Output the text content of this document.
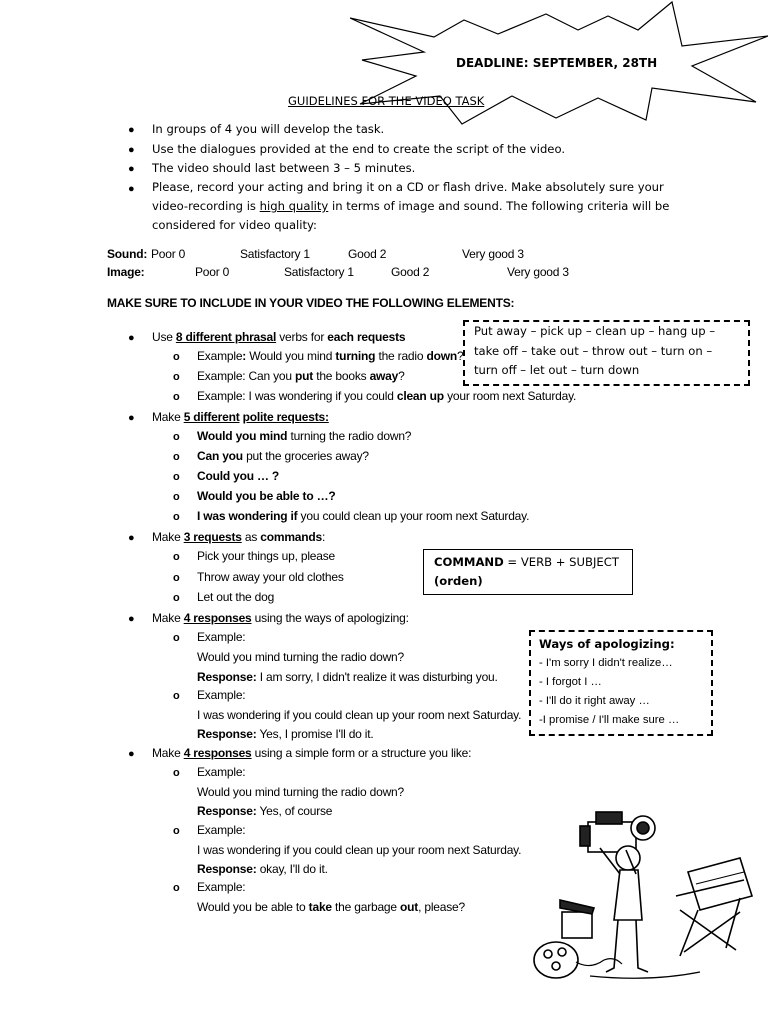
DEADLINE: SEPTEMBER, 28TH
GUIDELINES FOR THE VIDEO TASK
● In groups of 4 you will develop the task.
● Use the dialogues provided at the end to create the script of the video.
● The video should last between 3 – 5 minutes.
● Please, record your acting and bring it on a CD or flash drive. Make absolutely sure your
video-recording is high quality in terms of image and sound. The following criteria will be
considered for video quality:
Sound: Poor 0	Satisfactory 1	Good 2	Very good 3
Image:	Poor 0	Satisfactory 1	Good 2	Very good 3
MAKE SURE TO INCLUDE IN YOUR VIDEO THE FOLLOWING ELEMENTS:
● Use 8 different phrasal verbs for each requests
o Example: Would you mind turning the radio down?
o Example: Can you put the books away?
o Example: I was wondering if you could clean up your room next Saturday.
Put away – pick up – clean up – hang up –
take off – take out – throw out – turn on –
turn off – let out – turn down
● Make 5 different polite requests:
o Would you mind turning the radio down?
o Can you put the groceries away?
o Could you … ?
o Would you be able to …?
o I was wondering if you could clean up your room next Saturday.
● Make 3 requests as commands:
o Pick your things up, please
o Throw away your old clothes
o Let out the dog
COMMAND = VERB + SUBJECT
(orden)
● Make 4 responses using the ways of apologizing:
o Example:
Would you mind turning the radio down?
Response: I am sorry, I didn't realize it was disturbing you.
o Example:
I was wondering if you could clean up your room next Saturday.
Response: Yes, I promise I'll do it.
Ways of apologizing:
- I'm sorry I didn't realize…
- I forgot I …
- I'll do it right away …
-I promise / I'll make sure …
● Make 4 responses using a simple form or a structure you like:
o Example:
Would you mind turning the radio down?
Response: Yes, of course
o Example:
I was wondering if you could clean up your room next Saturday.
Response: okay, I'll do it.
o Example:
Would you be able to take the garbage out, please?
